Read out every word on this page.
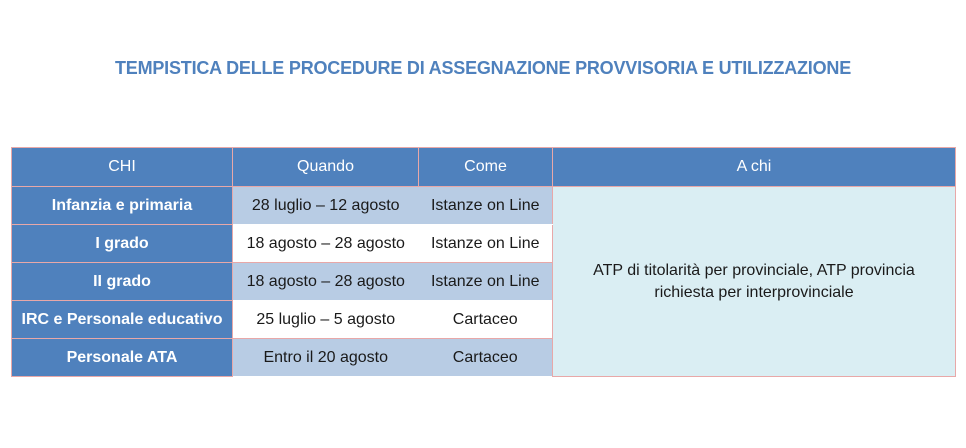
TEMPISTICA DELLE PROCEDURE DI ASSEGNAZIONE PROVVISORIA E UTILIZZAZIONE
CHI	Quando	Come	A chi
Infanzia e primaria	28 luglio – 12 agosto	Istanze on Line	ATP di titolarità per provinciale, ATP provincia richiesta per interprovinciale
I grado	18 agosto – 28 agosto	Istanze on Line	
II grado	18 agosto – 28 agosto	Istanze on Line	
IRC e Personale educativo	25 luglio – 5 agosto	Cartaceo	
Personale ATA	Entro il 20 agosto	Cartaceo	
